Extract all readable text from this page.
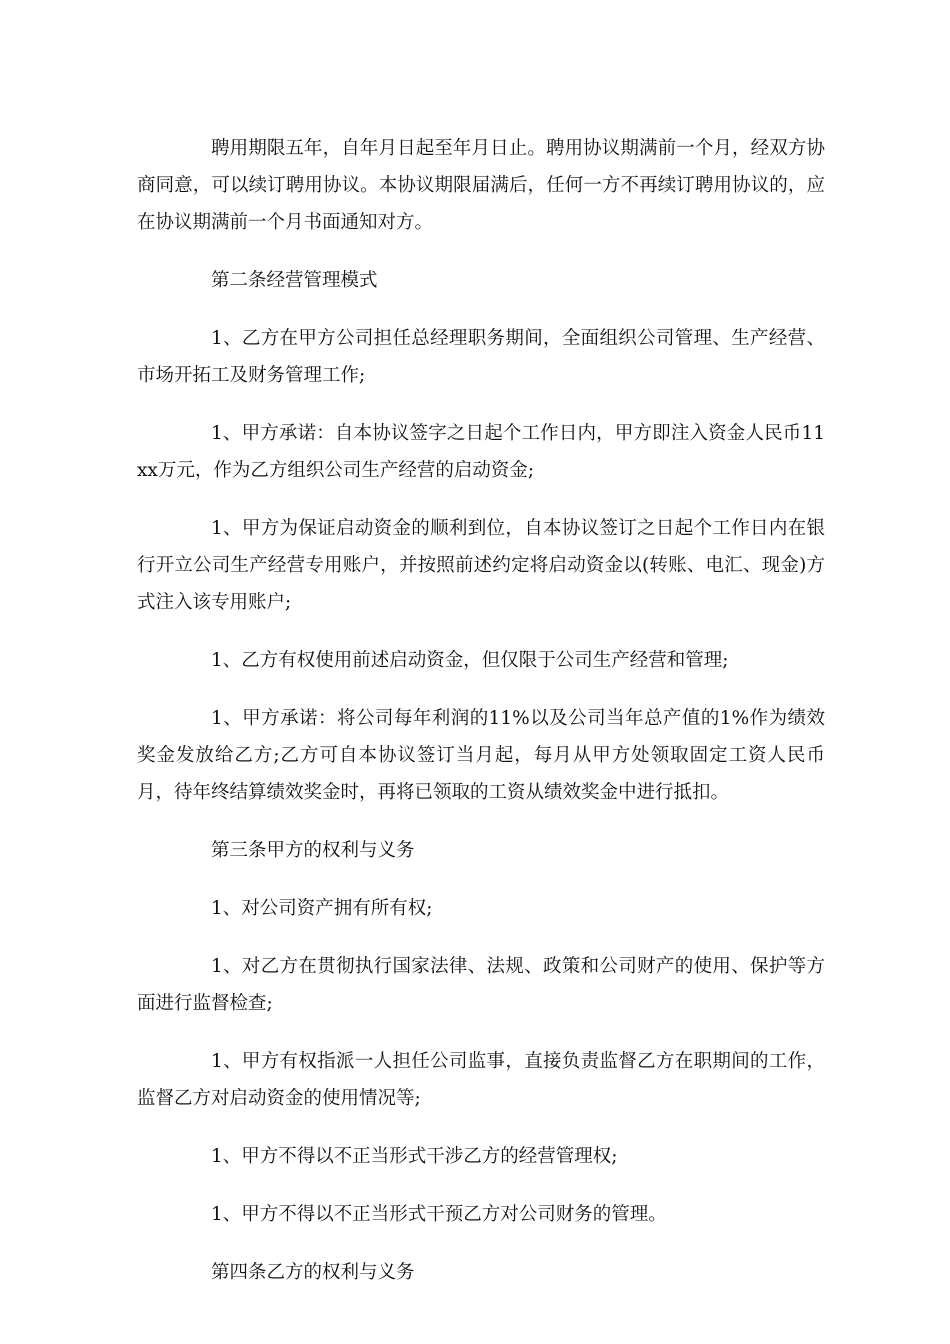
聘用期限五年，自年月日起至年月日止。聘用协议期满前一个月，经双方协商同意，可以续订聘用协议。本协议期限届满后，任何一方不再续订聘用协议的，应在协议期满前一个月书面通知对方。

第二条经营管理模式

1、乙方在甲方公司担任总经理职务期间，全面组织公司管理、生产经营、市场开拓工及财务管理工作;

1、甲方承诺：自本协议签字之日起个工作日内，甲方即注入资金人民币11xx万元，作为乙方组织公司生产经营的启动资金;

1、甲方为保证启动资金的顺利到位，自本协议签订之日起个工作日内在银行开立公司生产经营专用账户，并按照前述约定将启动资金以(转账、电汇、现金)方式注入该专用账户;

1、乙方有权使用前述启动资金，但仅限于公司生产经营和管理;

1、甲方承诺：将公司每年利润的11%以及公司当年总产值的1%作为绩效奖金发放给乙方;乙方可自本协议签订当月起，每月从甲方处领取固定工资人民币月，待年终结算绩效奖金时，再将已领取的工资从绩效奖金中进行抵扣。

第三条甲方的权利与义务

1、对公司资产拥有所有权;

1、对乙方在贯彻执行国家法律、法规、政策和公司财产的使用、保护等方面进行监督检查;

1、甲方有权指派一人担任公司监事，直接负责监督乙方在职期间的工作，监督乙方对启动资金的使用情况等;

1、甲方不得以不正当形式干涉乙方的经营管理权;

1、甲方不得以不正当形式干预乙方对公司财务的管理。

第四条乙方的权利与义务
